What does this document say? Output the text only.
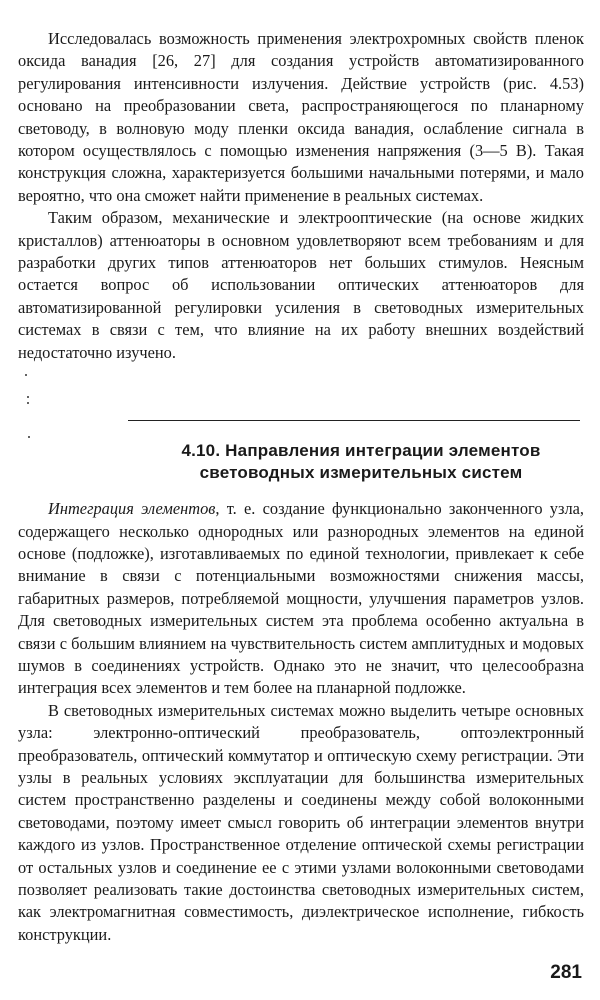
Исследовалась возможность применения электрохромных свойств пленок оксида ванадия [26, 27] для создания устройств автоматизированного регулирования интенсивности излучения. Действие устройств (рис. 4.53) основано на преобразовании света, распространяющегося по планарному световоду, в волновую моду пленки оксида ванадия, ослабление сигнала в котором осуществлялось с помощью изменения напряжения (3—5 В). Такая конструкция сложна, характеризуется большими начальными потерями, и мало вероятно, что она сможет найти применение в реальных системах.

Таким образом, механические и электрооптические (на основе жидких кристаллов) аттенюаторы в основном удовлетворяют всем требованиям и для разработки других типов аттенюаторов нет больших стимулов. Неясным остается вопрос об использовании оптических аттенюаторов для автоматизированной регулировки усиления в световодных измерительных системах в связи с тем, что влияние на их работу внешних воздействий недостаточно изучено.

4.10. Направления интеграции элементов
световодных измерительных систем

Интеграция элементов, т. е. создание функционально законченного узла, содержащего несколько однородных или разнородных элементов на единой основе (подложке), изготавливаемых по единой технологии, привлекает к себе внимание в связи с потенциальными возможностями снижения массы, габаритных размеров, потребляемой мощности, улучшения параметров узлов. Для световодных измерительных систем эта проблема особенно актуальна в связи с большим влиянием на чувствительность систем амплитудных и модовых шумов в соединениях устройств. Однако это не значит, что целесообразна интеграция всех элементов и тем более на планарной подложке.

В световодных измерительных системах можно выделить четыре основных узла: электронно-оптический преобразователь, оптоэлектронный преобразователь, оптический коммутатор и оптическую схему регистрации. Эти узлы в реальных условиях эксплуатации для большинства измерительных систем пространственно разделены и соединены между собой волоконными световодами, поэтому имеет смысл говорить об интеграции элементов внутри каждого из узлов. Пространственное отделение оптической схемы регистрации от остальных узлов и соединение ее с этими узлами волоконными световодами позволяет реализовать такие достоинства световодных измерительных систем, как электромагнитная совместимость, диэлектрическое исполнение, гибкость конструкции.

281
